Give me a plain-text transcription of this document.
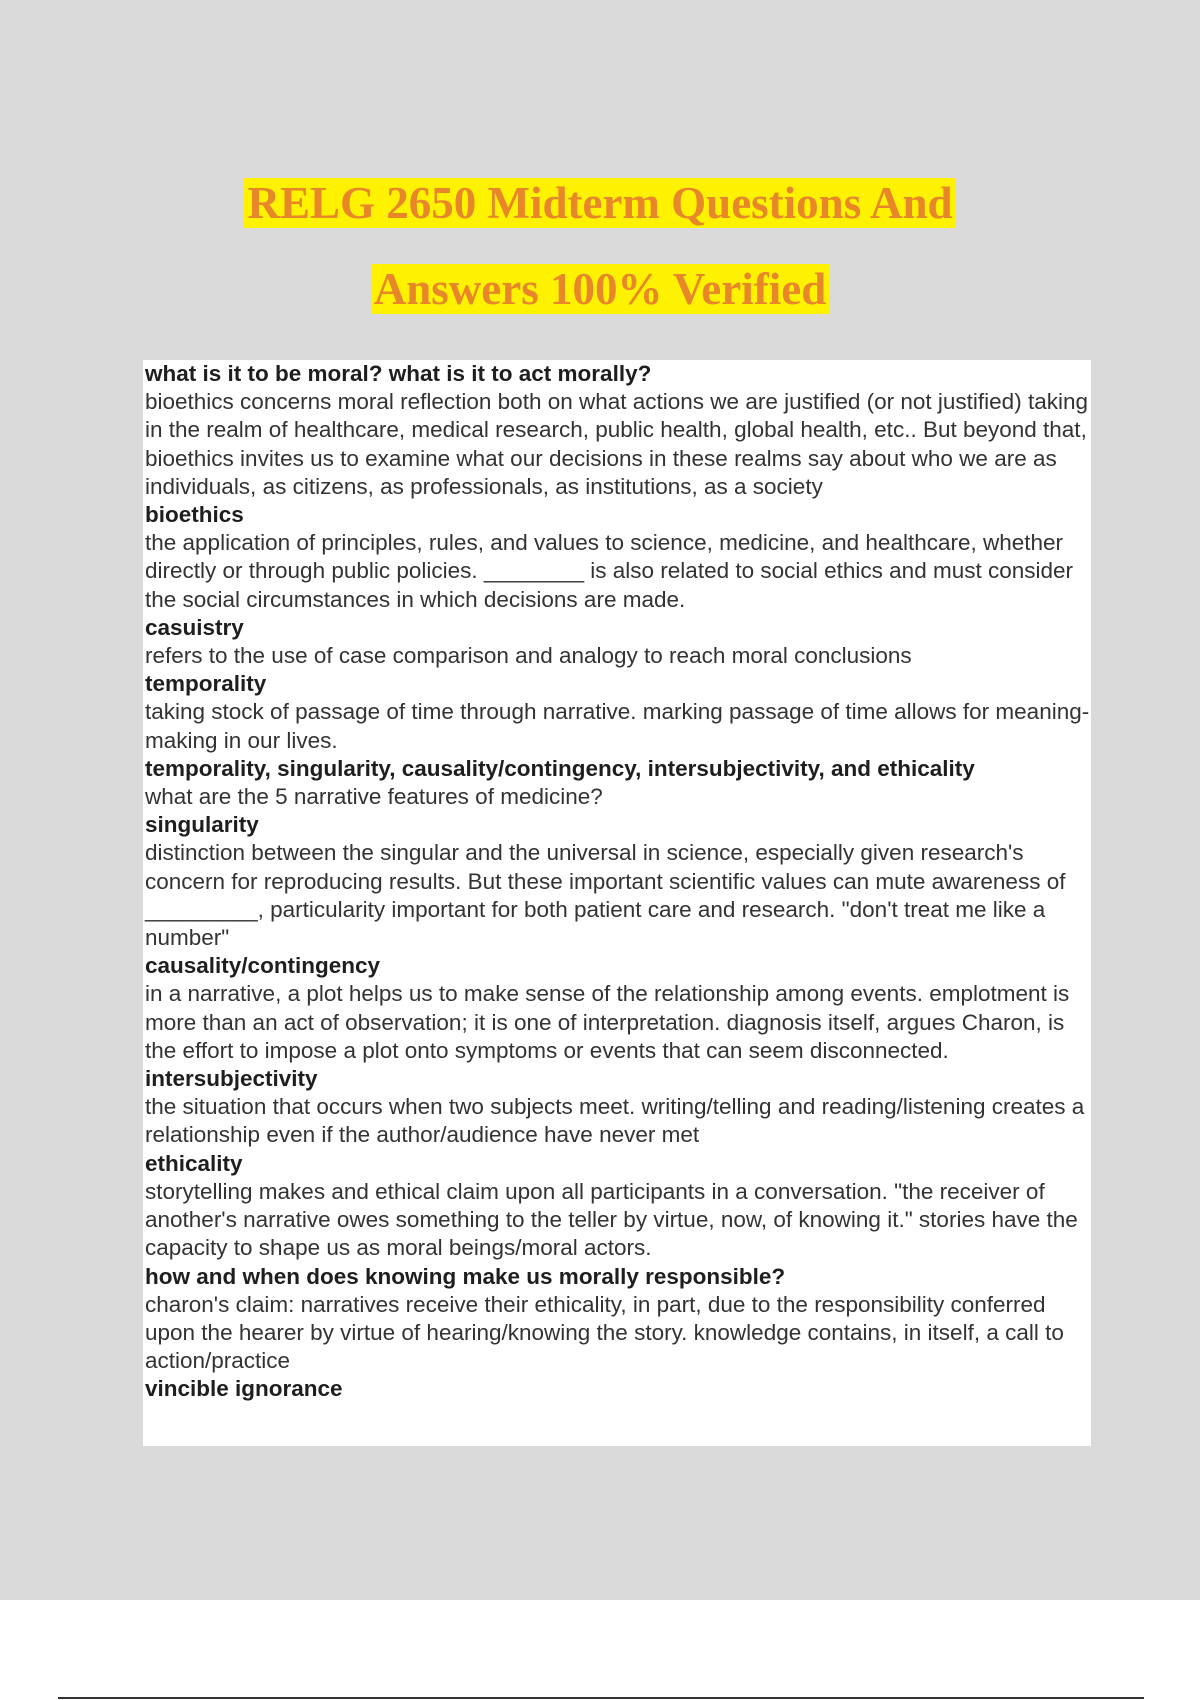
RELG 2650 Midterm Questions And
Answers 100% Verified
what is it to be moral? what is it to act morally?
bioethics concerns moral reflection both on what actions we are justified (or not justified) taking in the realm of healthcare, medical research, public health, global health, etc.. But beyond that, bioethics invites us to examine what our decisions in these realms say about who we are as individuals, as citizens, as professionals, as institutions, as a society
bioethics
the application of principles, rules, and values to science, medicine, and healthcare, whether directly or through public policies. ________ is also related to social ethics and must consider the social circumstances in which decisions are made.
casuistry
refers to the use of case comparison and analogy to reach moral conclusions
temporality
taking stock of passage of time through narrative. marking passage of time allows for meaning-making in our lives.
temporality, singularity, causality/contingency, intersubjectivity, and ethicality
what are the 5 narrative features of medicine?
singularity
distinction between the singular and the universal in science, especially given research's concern for reproducing results. But these important scientific values can mute awareness of _________, particularity important for both patient care and research. "don't treat me like a number"
causality/contingency
in a narrative, a plot helps us to make sense of the relationship among events. emplotment is more than an act of observation; it is one of interpretation. diagnosis itself, argues Charon, is the effort to impose a plot onto symptoms or events that can seem disconnected.
intersubjectivity
the situation that occurs when two subjects meet. writing/telling and reading/listening creates a relationship even if the author/audience have never met
ethicality
storytelling makes and ethical claim upon all participants in a conversation. "the receiver of another's narrative owes something to the teller by virtue, now, of knowing it." stories have the capacity to shape us as moral beings/moral actors.
how and when does knowing make us morally responsible?
charon's claim: narratives receive their ethicality, in part, due to the responsibility conferred upon the hearer by virtue of hearing/knowing the story. knowledge contains, in itself, a call to action/practice
vincible ignorance
